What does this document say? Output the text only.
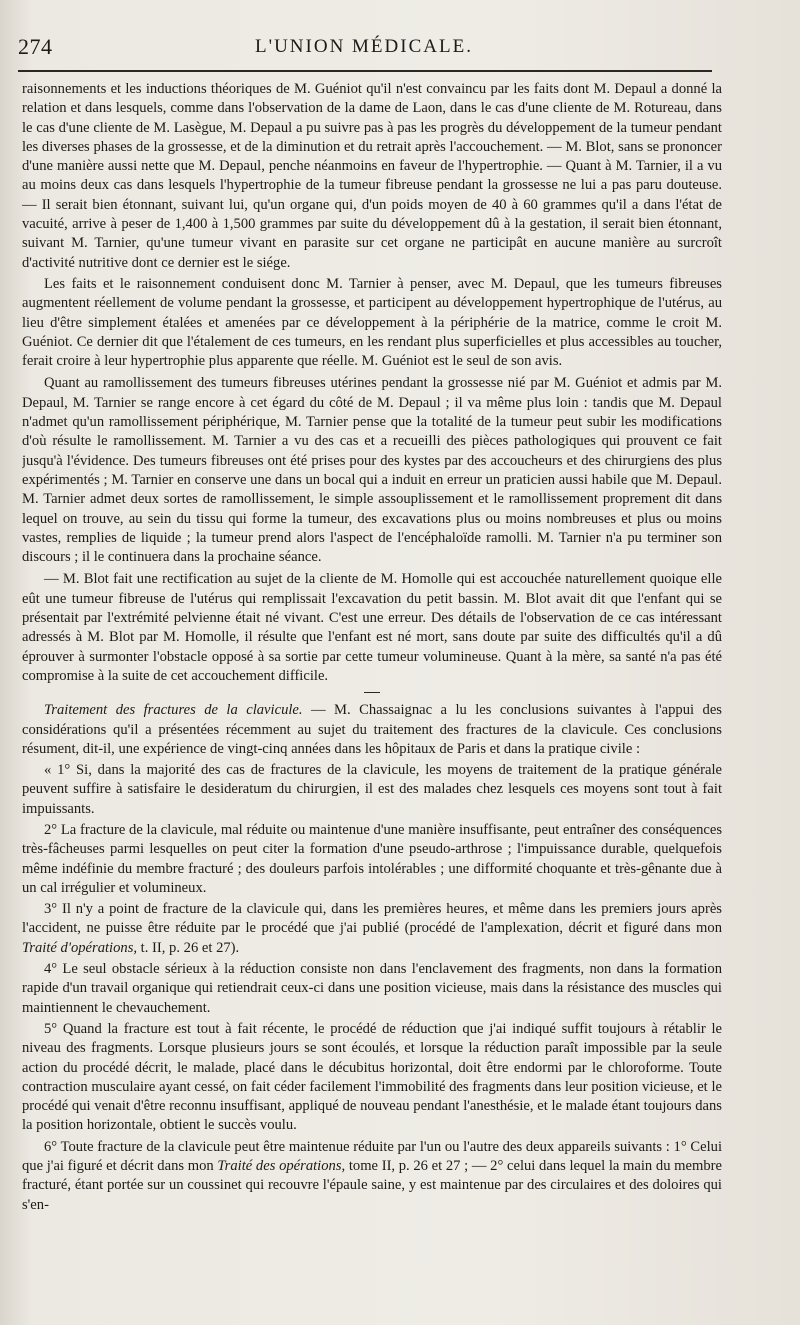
274	L'UNION MÉDICALE.

raisonnements et les inductions théoriques de M. Guéniot qu'il n'est convaincu par les faits dont M. Depaul a donné la relation et dans lesquels, comme dans l'observation de la dame de Laon, dans le cas d'une cliente de M. Rotureau, dans le cas d'une cliente de M. Lasègue, M. Depaul a pu suivre pas à pas les progrès du développement de la tumeur pendant les diverses phases de la grossesse, et de la diminution et du retrait après l'accouchement. — M. Blot, sans se prononcer d'une manière aussi nette que M. Depaul, penche néanmoins en faveur de l'hypertrophie. — Quant à M. Tarnier, il a vu au moins deux cas dans lesquels l'hypertrophie de la tumeur fibreuse pendant la grossesse ne lui a pas paru douteuse. — Il serait bien étonnant, suivant lui, qu'un organe qui, d'un poids moyen de 40 à 60 grammes qu'il a dans l'état de vacuité, arrive à peser de 1,400 à 1,500 grammes par suite du développement dû à la gestation, il serait bien étonnant, suivant M. Tarnier, qu'une tumeur vivant en parasite sur cet organe ne participât en aucune manière au surcroît d'activité nutritive dont ce dernier est le siége.

Les faits et le raisonnement conduisent donc M. Tarnier à penser, avec M. Depaul, que les tumeurs fibreuses augmentent réellement de volume pendant la grossesse, et participent au développement hypertrophique de l'utérus, au lieu d'être simplement étalées et amenées par ce développement à la périphérie de la matrice, comme le croit M. Guéniot. Ce dernier dit que l'étalement de ces tumeurs, en les rendant plus superficielles et plus accessibles au toucher, ferait croire à leur hypertrophie plus apparente que réelle. M. Guéniot est le seul de son avis.

Quant au ramollissement des tumeurs fibreuses utérines pendant la grossesse nié par M. Guéniot et admis par M. Depaul, M. Tarnier se range encore à cet égard du côté de M. Depaul ; il va même plus loin : tandis que M. Depaul n'admet qu'un ramollissement périphérique, M. Tarnier pense que la totalité de la tumeur peut subir les modifications d'où résulte le ramollissement. M. Tarnier a vu des cas et a recueilli des pièces pathologiques qui prouvent ce fait jusqu'à l'évidence. Des tumeurs fibreuses ont été prises pour des kystes par des accoucheurs et des chirurgiens des plus expérimentés ; M. Tarnier en conserve une dans un bocal qui a induit en erreur un praticien aussi habile que M. Depaul. M. Tarnier admet deux sortes de ramollissement, le simple assouplissement et le ramollissement proprement dit dans lequel on trouve, au sein du tissu qui forme la tumeur, des excavations plus ou moins nombreuses et plus ou moins vastes, remplies de liquide ; la tumeur prend alors l'aspect de l'encéphaloïde ramolli. M. Tarnier n'a pu terminer son discours ; il le continuera dans la prochaine séance.

— M. Blot fait une rectification au sujet de la cliente de M. Homolle qui est accouchée naturellement quoique elle eût une tumeur fibreuse de l'utérus qui remplissait l'excavation du petit bassin. M. Blot avait dit que l'enfant qui se présentait par l'extrémité pelvienne était né vivant. C'est une erreur. Des détails de l'observation de ce cas intéressant adressés à M. Blot par M. Homolle, il résulte que l'enfant est né mort, sans doute par suite des difficultés qu'il a dû éprouver à surmonter l'obstacle opposé à sa sortie par cette tumeur volumineuse. Quant à la mère, sa santé n'a pas été compromise à la suite de cet accouchement difficile.

Traitement des fractures de la clavicule. — M. Chassaignac a lu les conclusions suivantes à l'appui des considérations qu'il a présentées récemment au sujet du traitement des fractures de la clavicule. Ces conclusions résument, dit-il, une expérience de vingt-cinq années dans les hôpitaux de Paris et dans la pratique civile :

« 1° Si, dans la majorité des cas de fractures de la clavicule, les moyens de traitement de la pratique générale peuvent suffire à satisfaire le desideratum du chirurgien, il est des malades chez lesquels ces moyens sont tout à fait impuissants.

2° La fracture de la clavicule, mal réduite ou maintenue d'une manière insuffisante, peut entraîner des conséquences très-fâcheuses parmi lesquelles on peut citer la formation d'une pseudo-arthrose ; l'impuissance durable, quelquefois même indéfinie du membre fracturé ; des douleurs parfois intolérables ; une difformité choquante et très-gênante due à un cal irrégulier et volumineux.

3° Il n'y a point de fracture de la clavicule qui, dans les premières heures, et même dans les premiers jours après l'accident, ne puisse être réduite par le procédé que j'ai publié (procédé de l'amplexation, décrit et figuré dans mon Traité d'opérations, t. II, p. 26 et 27).

4° Le seul obstacle sérieux à la réduction consiste non dans l'enclavement des fragments, non dans la formation rapide d'un travail organique qui retiendrait ceux-ci dans une position vicieuse, mais dans la résistance des muscles qui maintiennent le chevauchement.

5° Quand la fracture est tout à fait récente, le procédé de réduction que j'ai indiqué suffit toujours à rétablir le niveau des fragments. Lorsque plusieurs jours se sont écoulés, et lorsque la réduction paraît impossible par la seule action du procédé décrit, le malade, placé dans le décubitus horizontal, doit être endormi par le chloroforme. Toute contraction musculaire ayant cessé, on fait céder facilement l'immobilité des fragments dans leur position vicieuse, et le procédé qui venait d'être reconnu insuffisant, appliqué de nouveau pendant l'anesthésie, et le malade étant toujours dans la position horizontale, obtient le succès voulu.

6° Toute fracture de la clavicule peut être maintenue réduite par l'un ou l'autre des deux appareils suivants : 1° Celui que j'ai figuré et décrit dans mon Traité des opérations, tome II, p. 26 et 27 ; — 2° celui dans lequel la main du membre fracturé, étant portée sur un coussinet qui recouvre l'épaule saine, y est maintenue par des circulaires et des doloires qui s'en-
